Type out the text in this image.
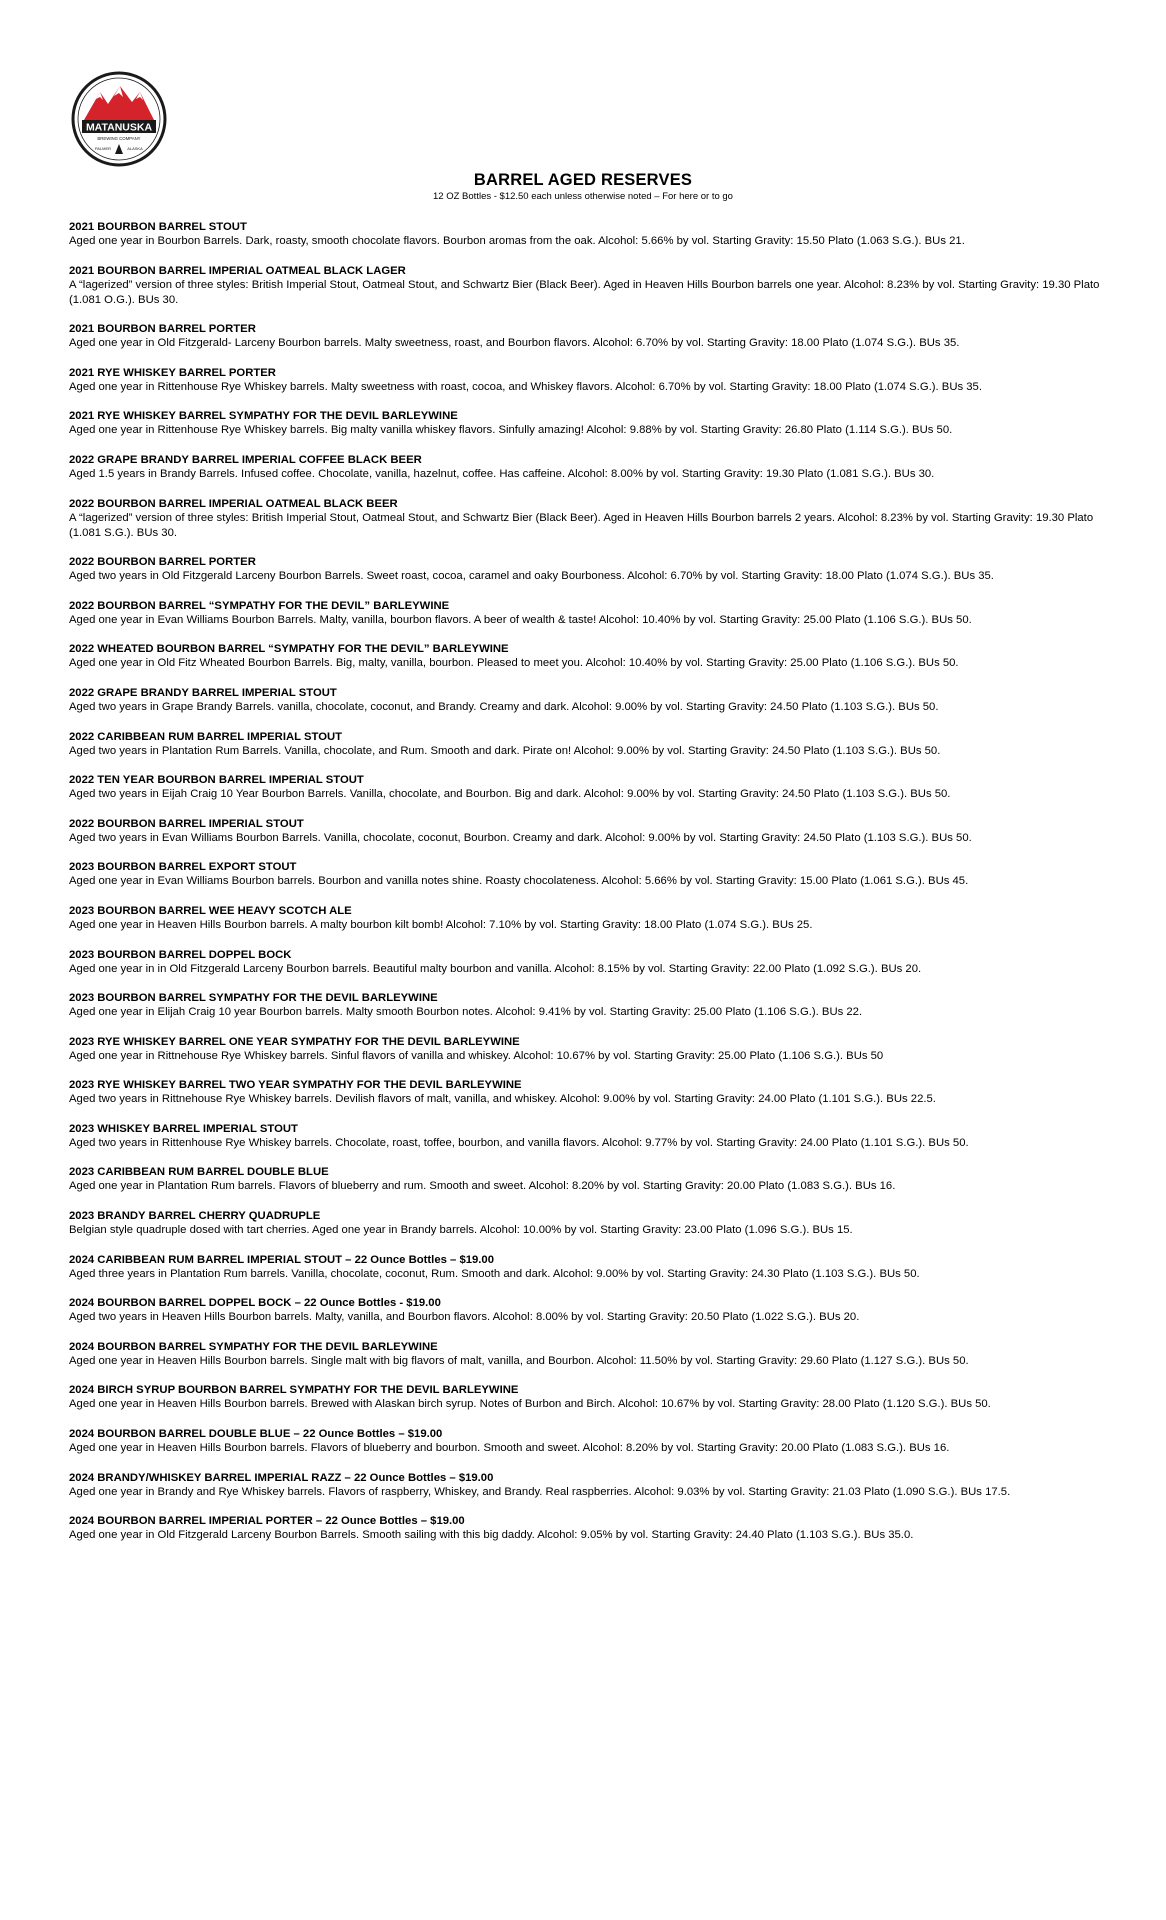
MATANUSKA
BREWING COMPANY
PALMER	ALASKA
BARREL AGED RESERVES
12 OZ Bottles - $12.50 each unless otherwise noted – For here or to go
2021 BOURBON BARREL STOUT
Aged one year in Bourbon Barrels. Dark, roasty, smooth chocolate flavors. Bourbon aromas from the oak. Alcohol: 5.66% by vol. Starting Gravity: 15.50 Plato (1.063 S.G.). BUs 21.
2021 BOURBON BARREL IMPERIAL OATMEAL BLACK LAGER
A “lagerized” version of three styles: British Imperial Stout, Oatmeal Stout, and Schwartz Bier (Black Beer). Aged in Heaven Hills Bourbon barrels one year. Alcohol: 8.23% by vol. Starting Gravity: 19.30 Plato (1.081 O.G.). BUs 30.
2021 BOURBON BARREL PORTER
Aged one year in Old Fitzgerald- Larceny Bourbon barrels. Malty sweetness, roast, and Bourbon flavors. Alcohol: 6.70% by vol. Starting Gravity: 18.00 Plato (1.074 S.G.). BUs 35.
2021 RYE WHISKEY BARREL PORTER
Aged one year in Rittenhouse Rye Whiskey barrels. Malty sweetness with roast, cocoa, and Whiskey flavors. Alcohol: 6.70% by vol. Starting Gravity: 18.00 Plato (1.074 S.G.). BUs 35.
2021 RYE WHISKEY BARREL SYMPATHY FOR THE DEVIL BARLEYWINE
Aged one year in Rittenhouse Rye Whiskey barrels. Big malty vanilla whiskey flavors. Sinfully amazing! Alcohol: 9.88% by vol. Starting Gravity: 26.80 Plato (1.114 S.G.). BUs 50.
2022 GRAPE BRANDY BARREL IMPERIAL COFFEE BLACK BEER
Aged 1.5 years in Brandy Barrels. Infused coffee. Chocolate, vanilla, hazelnut, coffee. Has caffeine. Alcohol: 8.00% by vol. Starting Gravity: 19.30 Plato (1.081 S.G.). BUs 30.
2022 BOURBON BARREL IMPERIAL OATMEAL BLACK BEER
A “lagerized” version of three styles: British Imperial Stout, Oatmeal Stout, and Schwartz Bier (Black Beer). Aged in Heaven Hills Bourbon barrels 2 years. Alcohol: 8.23% by vol. Starting Gravity: 19.30 Plato (1.081 S.G.). BUs 30.
2022 BOURBON BARREL PORTER
Aged two years in Old Fitzgerald Larceny Bourbon Barrels. Sweet roast, cocoa, caramel and oaky Bourboness. Alcohol: 6.70% by vol. Starting Gravity: 18.00 Plato (1.074 S.G.). BUs 35.
2022 BOURBON BARREL “SYMPATHY FOR THE DEVIL” BARLEYWINE
Aged one year in Evan Williams Bourbon Barrels. Malty, vanilla, bourbon flavors. A beer of wealth & taste! Alcohol: 10.40% by vol. Starting Gravity: 25.00 Plato (1.106 S.G.). BUs 50.
2022 WHEATED BOURBON BARREL “SYMPATHY FOR THE DEVIL” BARLEYWINE
Aged one year in Old Fitz Wheated Bourbon Barrels. Big, malty, vanilla, bourbon. Pleased to meet you. Alcohol: 10.40% by vol. Starting Gravity: 25.00 Plato (1.106 S.G.). BUs 50.
2022 GRAPE BRANDY BARREL IMPERIAL STOUT
Aged two years in Grape Brandy Barrels. vanilla, chocolate, coconut, and Brandy. Creamy and dark. Alcohol: 9.00% by vol. Starting Gravity: 24.50 Plato (1.103 S.G.). BUs 50.
2022 CARIBBEAN RUM BARREL IMPERIAL STOUT
Aged two years in Plantation Rum Barrels. Vanilla, chocolate, and Rum. Smooth and dark. Pirate on! Alcohol: 9.00% by vol. Starting Gravity: 24.50 Plato (1.103 S.G.). BUs 50.
2022 TEN YEAR BOURBON BARREL IMPERIAL STOUT
Aged two years in Eijah Craig 10 Year Bourbon Barrels. Vanilla, chocolate, and Bourbon. Big and dark. Alcohol: 9.00% by vol. Starting Gravity: 24.50 Plato (1.103 S.G.). BUs 50.
2022 BOURBON BARREL IMPERIAL STOUT
Aged two years in Evan Williams Bourbon Barrels. Vanilla, chocolate, coconut, Bourbon. Creamy and dark. Alcohol: 9.00% by vol. Starting Gravity: 24.50 Plato (1.103 S.G.). BUs 50.
2023 BOURBON BARREL EXPORT STOUT
Aged one year in Evan Williams Bourbon barrels. Bourbon and vanilla notes shine. Roasty chocolateness. Alcohol: 5.66% by vol. Starting Gravity: 15.00 Plato (1.061 S.G.). BUs 45.
2023 BOURBON BARREL WEE HEAVY SCOTCH ALE
Aged one year in Heaven Hills Bourbon barrels. A malty bourbon kilt bomb! Alcohol: 7.10% by vol. Starting Gravity: 18.00 Plato (1.074 S.G.). BUs 25.
2023 BOURBON BARREL DOPPEL BOCK
Aged one year in in Old Fitzgerald Larceny Bourbon barrels. Beautiful malty bourbon and vanilla. Alcohol: 8.15% by vol. Starting Gravity: 22.00 Plato (1.092 S.G.). BUs 20.
2023 BOURBON BARREL SYMPATHY FOR THE DEVIL BARLEYWINE
Aged one year in Elijah Craig 10 year Bourbon barrels. Malty smooth Bourbon notes. Alcohol: 9.41% by vol. Starting Gravity: 25.00 Plato (1.106 S.G.). BUs 22.
2023 RYE WHISKEY BARREL ONE YEAR SYMPATHY FOR THE DEVIL BARLEYWINE
Aged one year in Rittnehouse Rye Whiskey barrels. Sinful flavors of vanilla and whiskey. Alcohol: 10.67% by vol. Starting Gravity: 25.00 Plato (1.106 S.G.). BUs 50
2023 RYE WHISKEY BARREL TWO YEAR SYMPATHY FOR THE DEVIL BARLEYWINE
Aged two years in Rittnehouse Rye Whiskey barrels. Devilish flavors of malt, vanilla, and whiskey. Alcohol: 9.00% by vol. Starting Gravity: 24.00 Plato (1.101 S.G.). BUs 22.5.
2023 WHISKEY BARREL IMPERIAL STOUT
Aged two years in Rittenhouse Rye Whiskey barrels. Chocolate, roast, toffee, bourbon, and vanilla flavors. Alcohol: 9.77% by vol. Starting Gravity: 24.00 Plato (1.101 S.G.). BUs 50.
2023 CARIBBEAN RUM BARREL DOUBLE BLUE
Aged one year in Plantation Rum barrels. Flavors of blueberry and rum. Smooth and sweet. Alcohol: 8.20% by vol. Starting Gravity: 20.00 Plato (1.083 S.G.). BUs 16.
2023 BRANDY BARREL CHERRY QUADRUPLE
Belgian style quadruple dosed with tart cherries. Aged one year in Brandy barrels. Alcohol: 10.00% by vol. Starting Gravity: 23.00 Plato (1.096 S.G.). BUs 15.
2024 CARIBBEAN RUM BARREL IMPERIAL STOUT – 22 Ounce Bottles – $19.00
Aged three years in Plantation Rum barrels. Vanilla, chocolate, coconut, Rum. Smooth and dark. Alcohol: 9.00% by vol. Starting Gravity: 24.30 Plato (1.103 S.G.). BUs 50.
2024 BOURBON BARREL DOPPEL BOCK – 22 Ounce Bottles - $19.00
Aged two years in Heaven Hills Bourbon barrels. Malty, vanilla, and Bourbon flavors. Alcohol: 8.00% by vol. Starting Gravity: 20.50 Plato (1.022 S.G.). BUs 20.
2024 BOURBON BARREL SYMPATHY FOR THE DEVIL BARLEYWINE
Aged one year in Heaven Hills Bourbon barrels. Single malt with big flavors of malt, vanilla, and Bourbon. Alcohol: 11.50% by vol. Starting Gravity: 29.60 Plato (1.127 S.G.). BUs 50.
2024 BIRCH SYRUP BOURBON BARREL SYMPATHY FOR THE DEVIL BARLEYWINE
Aged one year in Heaven Hills Bourbon barrels. Brewed with Alaskan birch syrup. Notes of Burbon and Birch. Alcohol: 10.67% by vol. Starting Gravity: 28.00 Plato (1.120 S.G.). BUs 50.
2024 BOURBON BARREL DOUBLE BLUE – 22 Ounce Bottles – $19.00
Aged one year in Heaven Hills Bourbon barrels. Flavors of blueberry and bourbon. Smooth and sweet. Alcohol: 8.20% by vol. Starting Gravity: 20.00 Plato (1.083 S.G.). BUs 16.
2024 BRANDY/WHISKEY BARREL IMPERIAL RAZZ – 22 Ounce Bottles – $19.00
Aged one year in Brandy and Rye Whiskey barrels. Flavors of raspberry, Whiskey, and Brandy. Real raspberries. Alcohol: 9.03% by vol. Starting Gravity: 21.03 Plato (1.090 S.G.). BUs 17.5.
2024 BOURBON BARREL IMPERIAL PORTER – 22 Ounce Bottles – $19.00
Aged one year in Old Fitzgerald Larceny Bourbon Barrels. Smooth sailing with this big daddy. Alcohol: 9.05% by vol. Starting Gravity: 24.40 Plato (1.103 S.G.). BUs 35.0.
